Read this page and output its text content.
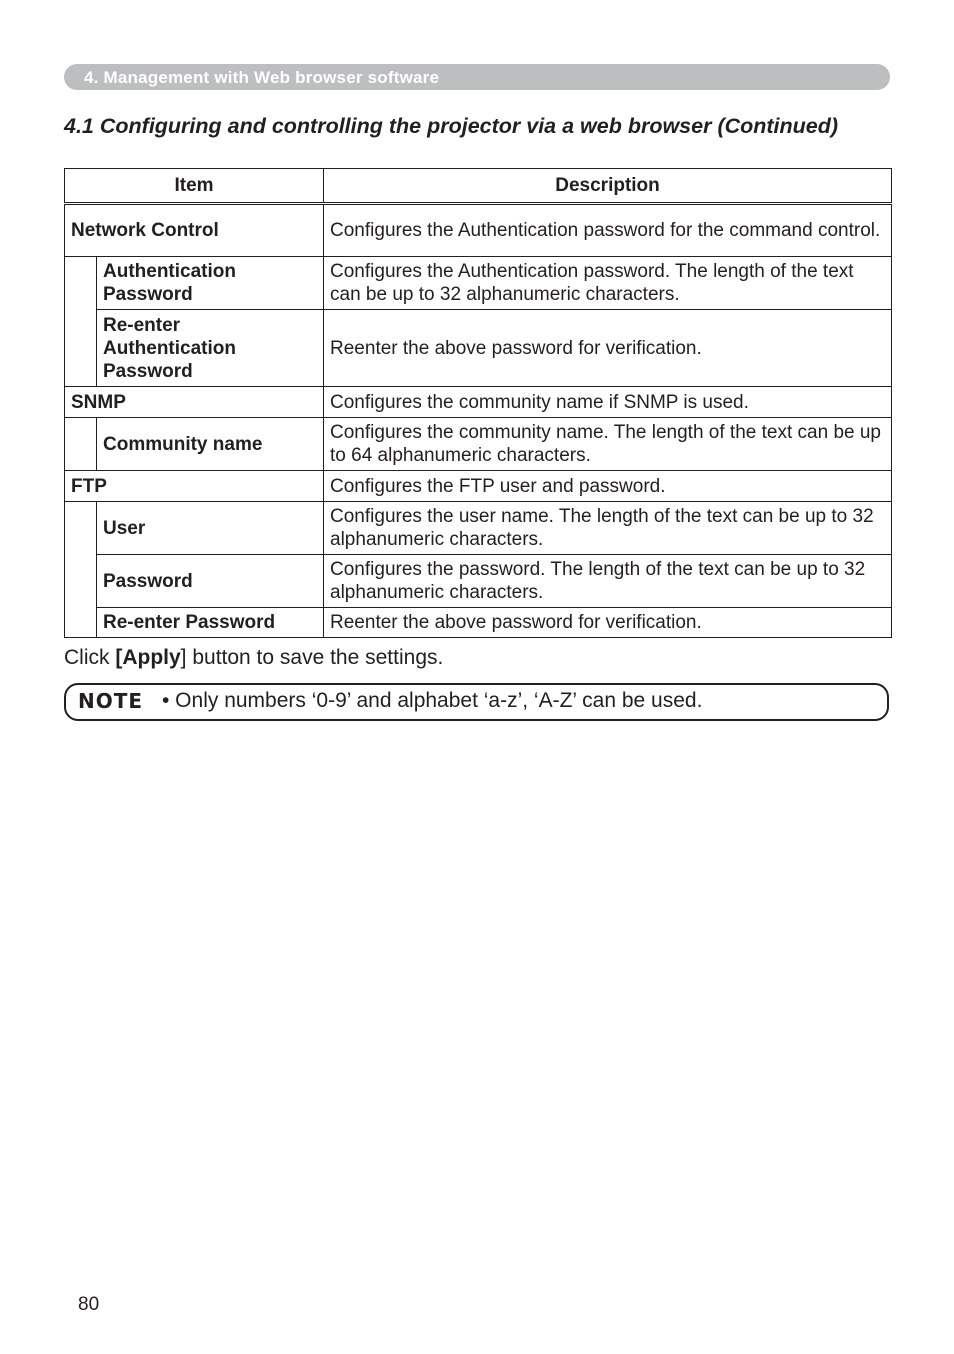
4. Management with Web browser software
4.1 Configuring and controlling the projector via a web browser (Continued)
Item		Description
Network Control		Configures the Authentication password for the command control.
	Authentication Password	Configures the Authentication password. The length of the text can be up to 32 alphanumeric characters.
	Re-enter Authentication Password	Reenter the above password for verification.
SNMP		Configures the community name if SNMP is used.
	Community name	Configures the community name. The length of the text can be up to 64 alphanumeric characters.
FTP		Configures the FTP user and password.
	User	Configures the user name. The length of the text can be up to 32 alphanumeric characters.
	Password	Configures the password. The length of the text can be up to 32 alphanumeric characters.
	Re-enter Password	Reenter the above password for verification.

Click [Apply] button to save the settings.

NOTE • Only numbers ‘0-9’ and alphabet ‘a-z’, ‘A-Z’ can be used.
80
